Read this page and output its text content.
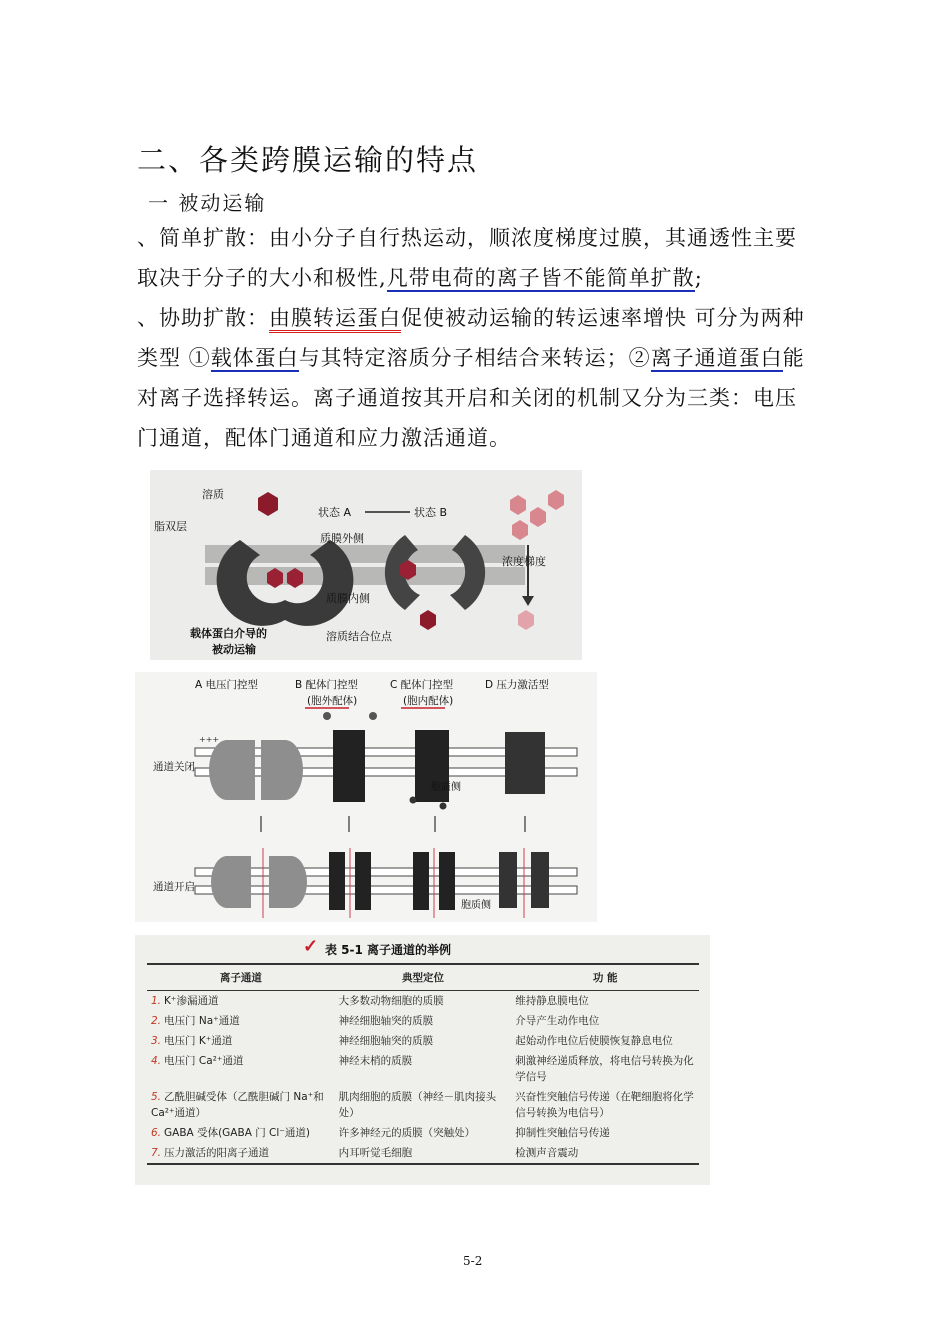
二、各类跨膜运输的特点
一 被动运输
、简单扩散：由小分子自行热运动，顺浓度梯度过膜，其通透性主要取决于分子的大小和极性,凡带电荷的离子皆不能简单扩散;
、协助扩散：由膜转运蛋白促使被动运输的转运速率增快 可分为两种类型 ①载体蛋白与其特定溶质分子相结合来转运；②离子通道蛋白能对离子选择转运。离子通道按其开启和关闭的机制又分为三类：电压门通道，配体门通道和应力激活通道。
溶质
脂双层
状态 A	状态 B
质膜外侧
质膜内侧
浓度梯度
溶质结合位点
载体蛋白介导的
被动运输
A 电压门控型	B 配体门控型
(胞外配体)
C 配体门控型
(胞内配体)
D 压力激活型
通道关闭
+++
胞质侧
通道开启
胞质侧
✓ 表 5-1 离子通道的举例
离子通道	典型定位	功 能
1. K⁺渗漏通道	大多数动物细胞的质膜	维持静息膜电位
2. 电压门 Na⁺通道	神经细胞轴突的质膜	介导产生动作电位
3. 电压门 K⁺通道	神经细胞轴突的质膜	起始动作电位后使膜恢复静息电位
4. 电压门 Ca²⁺通道	神经末梢的质膜	刺激神经递质释放，将电信号转换为化学信号
5. 乙酰胆碱受体（乙酰胆碱门 Na⁺和 Ca²⁺通道）	肌肉细胞的质膜（神经－肌肉接头处）	兴奋性突触信号传递（在靶细胞将化学信号转换为电信号）
6. GABA 受体(GABA 门 Cl⁻通道)	许多神经元的质膜（突触处）	抑制性突触信号传递
7. 压力激活的阳离子通道	内耳听觉毛细胞	检测声音震动
5-2
